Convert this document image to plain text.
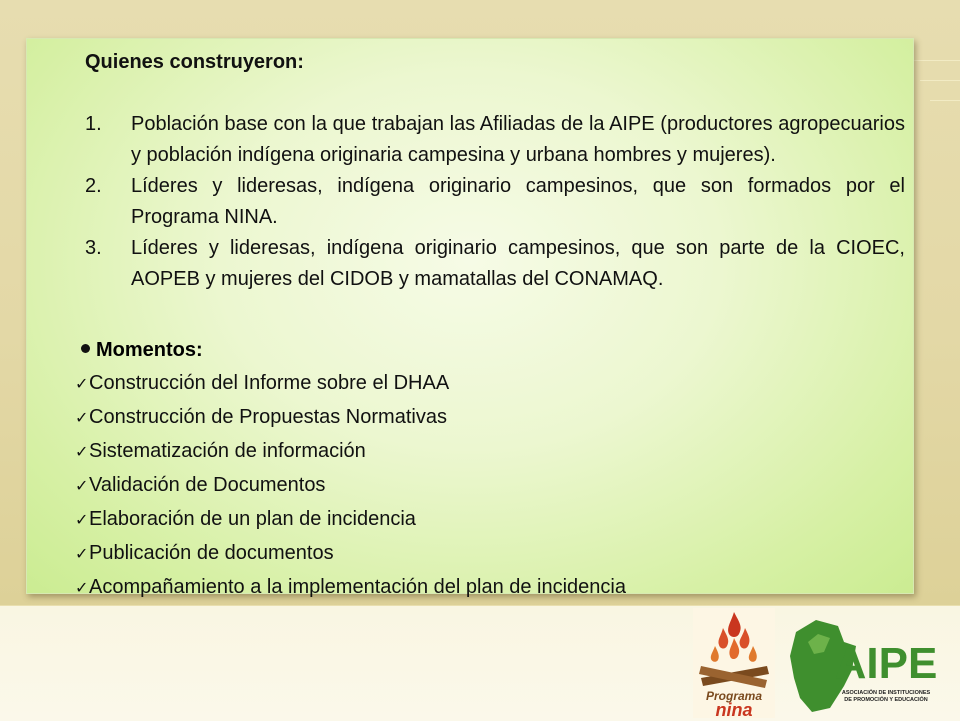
Quienes construyeron:

1. Población base con la que trabajan las Afiliadas de la AIPE (productores agropecuarios y población indígena originaria campesina y urbana hombres y mujeres).
2. Líderes y lideresas, indígena originario campesinos, que son formados por el Programa NINA.
3. Líderes y lideresas, indígena originario campesinos, que son parte de la CIOEC, AOPEB y mujeres del CIDOB y mamatallas del CONAMAQ.
Momentos:
✓Construcción del Informe sobre el DHAA
✓Construcción de Propuestas Normativas
✓Sistematización de información
✓Validación de Documentos
✓Elaboración de un plan de incidencia
✓Publicación de documentos
✓Acompañamiento a la implementación del plan de incidencia
Programa
nina
AIPE
ASOCIACIÓN DE INSTITUCIONES
DE PROMOCIÓN Y EDUCACIÓN
